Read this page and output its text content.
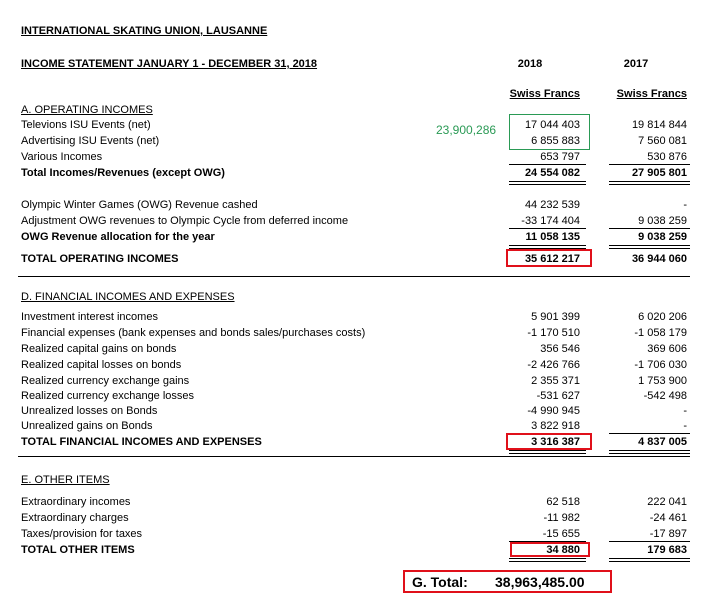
INTERNATIONAL SKATING UNION, LAUSANNE
INCOME STATEMENT JANUARY 1 - DECEMBER 31, 2018	2018	2017
Swiss Francs	Swiss Francs
A. OPERATING INCOMES
Televions ISU Events (net)	17 044 403	19 814 844
Advertising ISU Events (net)	6 855 883	7 560 081
Various Incomes	653 797	530 876
23,900,286
Total Incomes/Revenues (except OWG)	24 554 082	27 905 801
Olympic Winter Games (OWG) Revenue cashed	44 232 539	-
Adjustment OWG revenues to Olympic Cycle from deferred income	-33 174 404	9 038 259
OWG Revenue allocation for the year	11 058 135	9 038 259
TOTAL OPERATING INCOMES	35 612 217	36 944 060
D. FINANCIAL INCOMES AND EXPENSES
Investment interest incomes	5 901 399	6 020 206
Financial expenses (bank expenses and bonds sales/purchases costs)	-1 170 510	-1 058 179
Realized capital gains on bonds	356 546	369 606
Realized capital losses on bonds	-2 426 766	-1 706 030
Realized currency exchange gains	2 355 371	1 753 900
Realized currency exchange losses	-531 627	-542 498
Unrealized losses on Bonds	-4 990 945	-
Unrealized gains on Bonds	3 822 918	-
TOTAL FINANCIAL INCOMES AND EXPENSES	3 316 387	4 837 005
E. OTHER ITEMS
Extraordinary incomes	62 518	222 041
Extraordinary charges	-11 982	-24 461
Taxes/provision for taxes	-15 655	-17 897
TOTAL OTHER ITEMS	34 880	179 683
G. Total: 38,963,485.00
